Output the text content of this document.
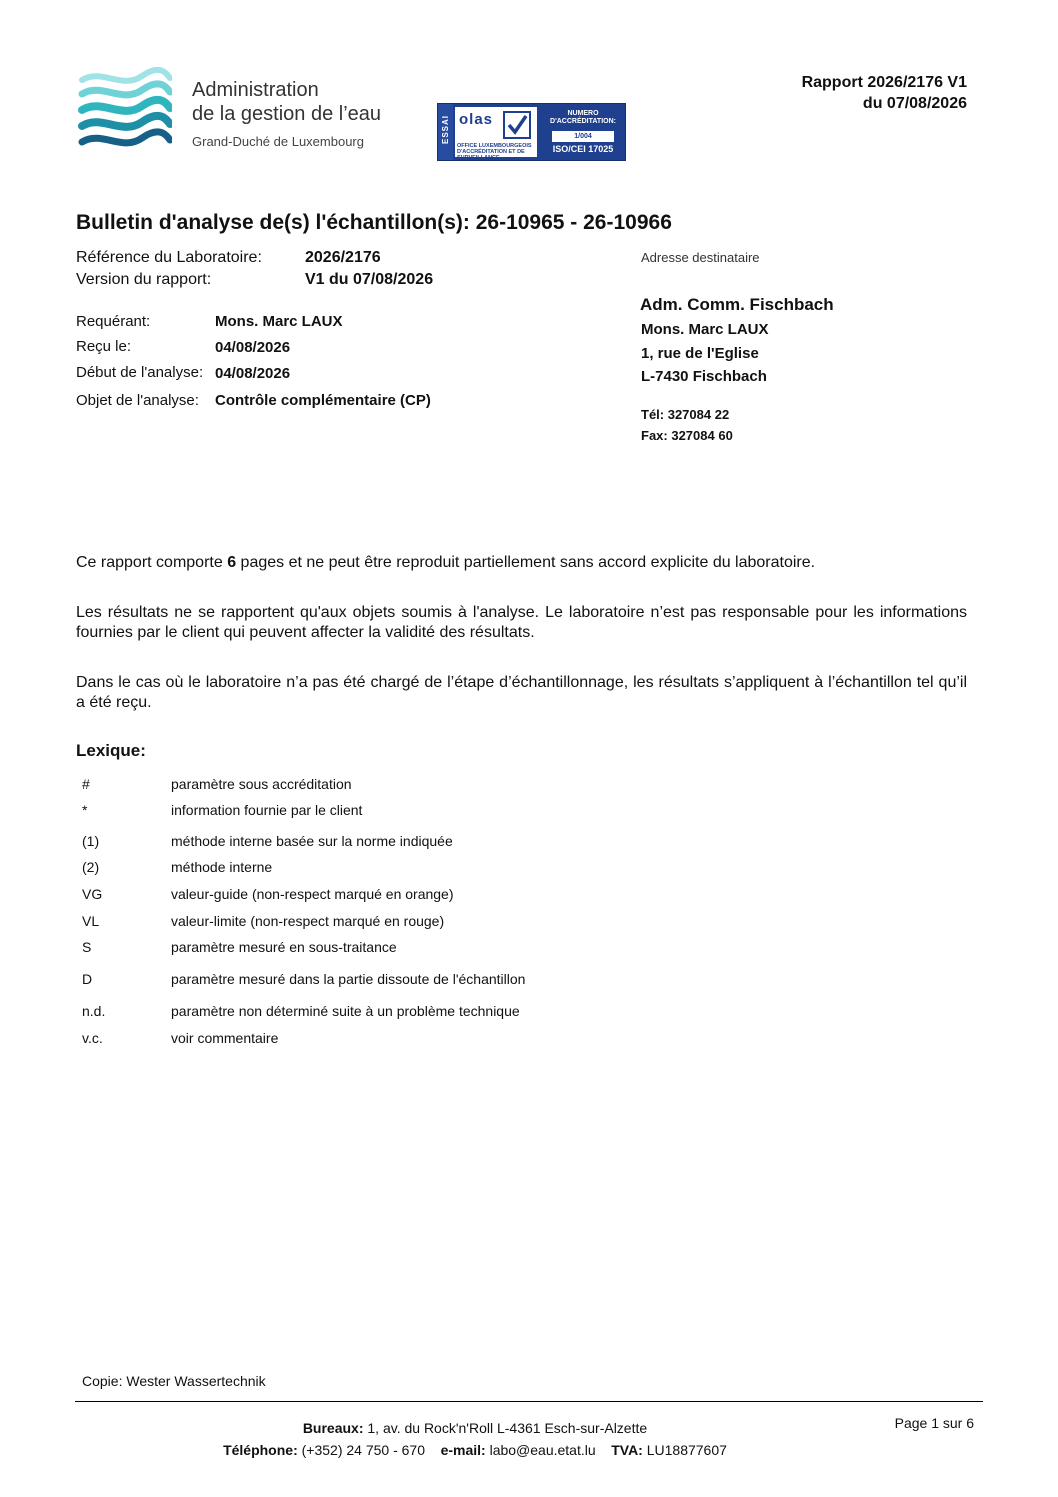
Administration
de la gestion de l’eau
Grand-Duché de Luxembourg	ESSAI olas
OFFICE LUXEMBOURGEOIS D'ACCRÉDITATION ET DE SURVEILLANCE
NUMERO D'ACCRÉDITATION:
1/004
ISO/CEI 17025
Rapport 2026/2176 V1
du 07/08/2026
Bulletin d'analyse de(s) l'échantillon(s): 26-10965 - 26-10966
Référence du Laboratoire:	2026/2176
Version du rapport:	V1 du 07/08/2026
Requérant:	Mons. Marc LAUX
Reçu le:	04/08/2026
Début de l'analyse: 04/08/2026
Objet de l'analyse: Contrôle complémentaire (CP)
Adresse destinataire
Adm. Comm. Fischbach
Mons. Marc LAUX
1, rue de l'Eglise
L-7430 Fischbach
Tél: 327084 22
Fax: 327084 60
Ce rapport comporte 6 pages et ne peut être reproduit partiellement sans accord explicite du laboratoire.
Les résultats ne se rapportent qu'aux objets soumis à l'analyse. Le laboratoire n’est pas responsable pour les informations fournies par le client qui peuvent affecter la validité des résultats.
Dans le cas où le laboratoire n’a pas été chargé de l’étape d’échantillonnage, les résultats s’appliquent à l’échantillon tel qu’il a été reçu.
Lexique:
#	paramètre sous accréditation
*	information fournie par le client
(1)	méthode interne basée sur la norme indiquée
(2)	méthode interne
VG	valeur-guide (non-respect marqué en orange)
VL	valeur-limite (non-respect marqué en rouge)
S	paramètre mesuré en sous-traitance
D	paramètre mesuré dans la partie dissoute de l'échantillon
n.d.	paramètre non déterminé suite à un problème technique
v.c.	voir commentaire
Copie: Wester Wassertechnik
Bureaux: 1, av. du Rock'n'Roll L-4361 Esch-sur-Alzette
Téléphone: (+352) 24 750 - 670 e-mail: labo@eau.etat.lu TVA: LU18877607
Page 1 sur 6
